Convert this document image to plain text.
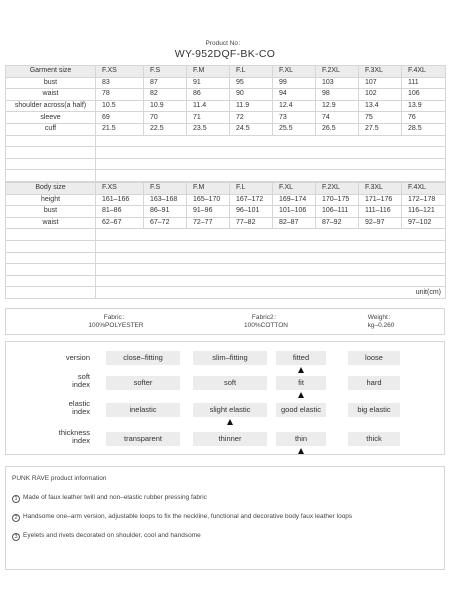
Product No：
WY-952DQF-BK-CO
Garment size	F.XS	F.S	F.M	F.L	F.XL	F.2XL	F.3XL	F.4XL
bust	83	87	91	95	99	103	107	111
waist	78	82	86	90	94	98	102	106
shoulder across(a half)	10.5	10.9	11.4	11.9	12.4	12.9	13.4	13.9
sleeve	69	70	71	72	73	74	75	76
cuff	21.5	22.5	23.5	24.5	25.5	26.5	27.5	28.5

Body size	F.XS	F.S	F.M	F.L	F.XL	F.2XL	F.3XL	F.4XL
height	161–166	163–168	165–170	167–172	169–174	170–175	171–176	172–178
bust	81–86	86–91	91–96	96–101	101–106	106–111	111–116	116–121
waist	62–67	67–72	72–77	77–82	82–87	87–92	92–97	97–102

	unit(cm)							
Fabric：
100%POLYESTER
Fabric2：
100%COTTON
Weight：
kg–0.260
version	close–fitting	slim–fitting	fitted	loose
soft
index	softer	soft	fit	hard
elastic
index	inelastic	slight elastic	good elastic	big elastic
thickness
index	transparent	thinner	thin	thick
PUNK RAVE product information
1 Made of faux leather twill and non–elastic rubber pressing fabric
2 Handsome one–arm version, adjustable loops to fix the neckline, functional and decorative body faux leather loops
3 Eyelets and rivets decorated on shoulder, cool and handsome
